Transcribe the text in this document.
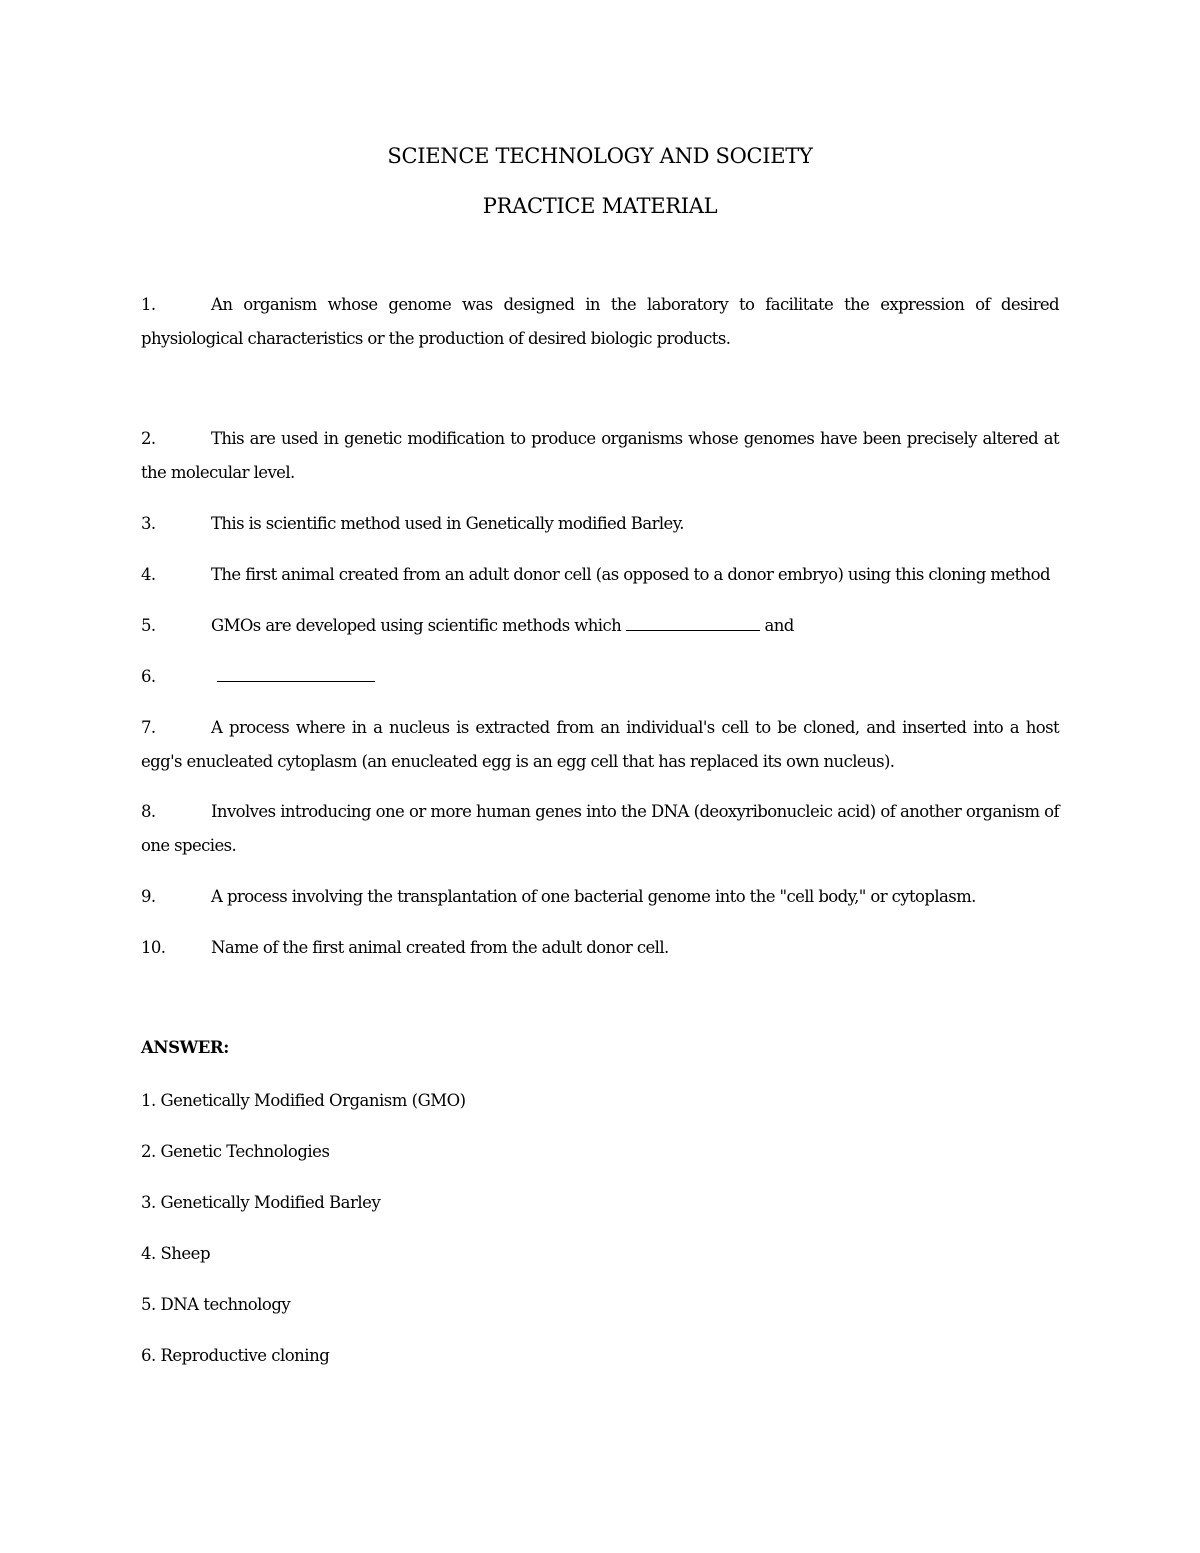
SCIENCE TECHNOLOGY AND SOCIETY
PRACTICE MATERIAL
1.	An organism whose genome was designed in the laboratory to facilitate the expression of desired physiological characteristics or the production of desired biologic products.
2.	This are used in genetic modification to produce organisms whose genomes have been precisely altered at the molecular level.
3.	This is scientific method used in Genetically modified Barley.
4.	The first animal created from an adult donor cell (as opposed to a donor embryo) using this cloning method
5.	GMOs are developed using scientific methods which	and
6.
7.	A process where in a nucleus is extracted from an individual's cell to be cloned, and inserted into a host egg's enucleated cytoplasm (an enucleated egg is an egg cell that has replaced its own nucleus).
8.	Involves introducing one or more human genes into the DNA (deoxyribonucleic acid) of another organism of one species.
9.	A process involving the transplantation of one bacterial genome into the "cell body," or cytoplasm.
10.	Name of the first animal created from the adult donor cell.
ANSWER:
1. Genetically Modified Organism (GMO)
2. Genetic Technologies
3. Genetically Modified Barley
4. Sheep
5. DNA technology
6. Reproductive cloning
